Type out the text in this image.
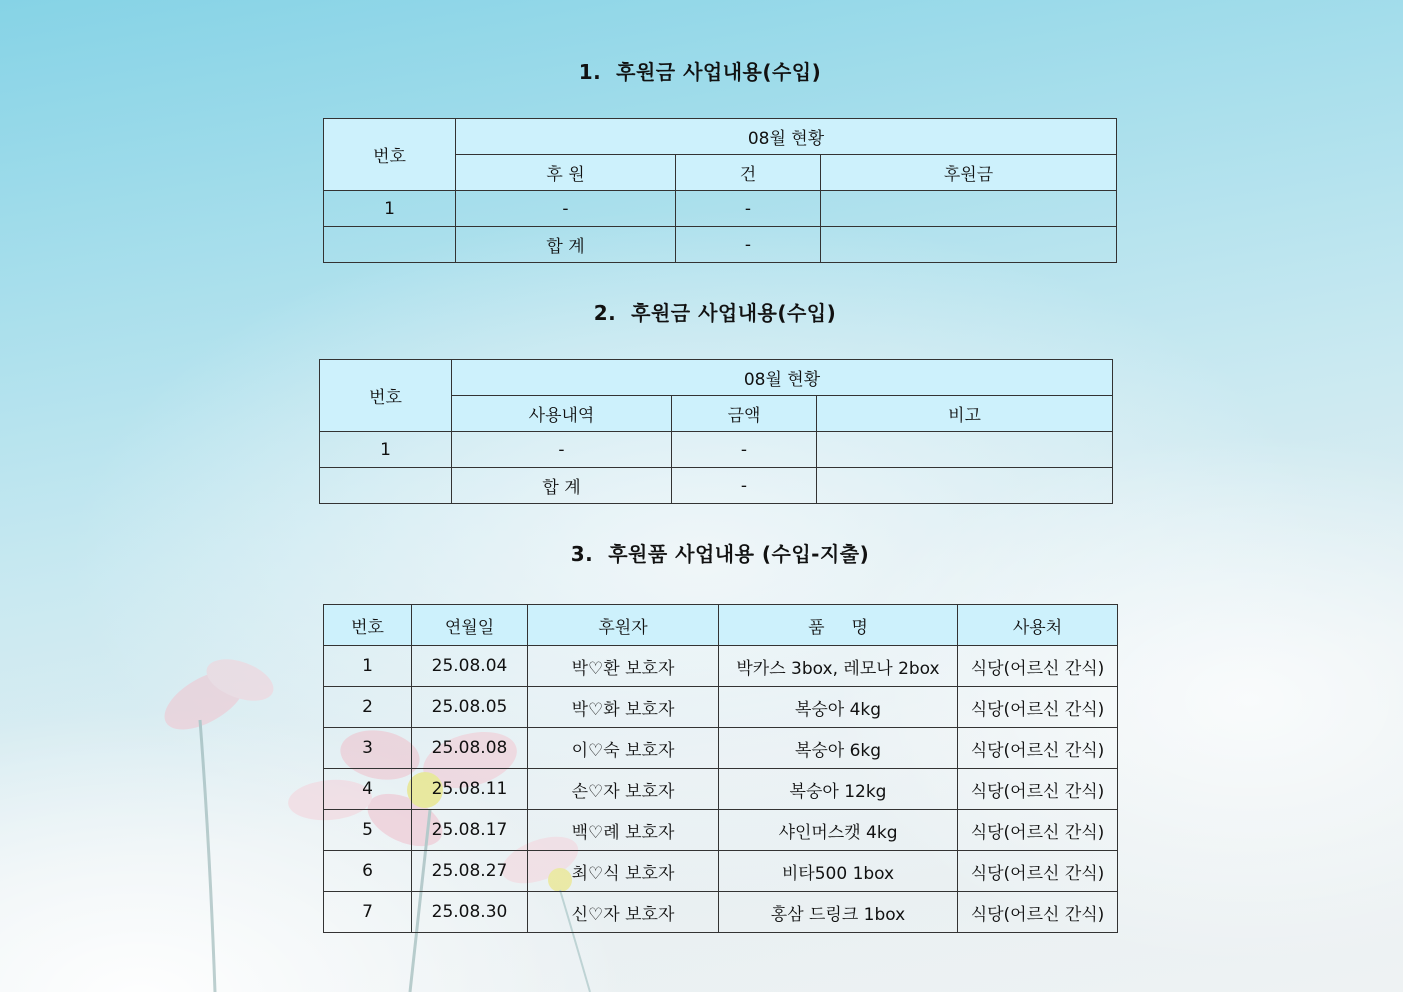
1.  후원금 사업내용(수입)
번호	08월 현황		
	후 원	건	후원금
1	-	-	
	합 계	-	
2.  후원금 사업내용(수입)
번호	08월 현황		
	사용내역	금액	비고
1	-	-	
	합 계	-	
3.  후원품 사업내용 (수입-지출)
번호	연월일	후원자	품     명	사용처
1	25.08.04	박♡환 보호자	박카스 3box, 레모나 2box	식당(어르신 간식)
2	25.08.05	박♡화 보호자	복숭아 4kg	식당(어르신 간식)
3	25.08.08	이♡숙 보호자	복숭아 6kg	식당(어르신 간식)
4	25.08.11	손♡자 보호자	복숭아 12kg	식당(어르신 간식)
5	25.08.17	백♡례 보호자	샤인머스캣 4kg	식당(어르신 간식)
6	25.08.27	최♡식 보호자	비타500 1box	식당(어르신 간식)
7	25.08.30	신♡자 보호자	홍삼 드링크 1box	식당(어르신 간식)
